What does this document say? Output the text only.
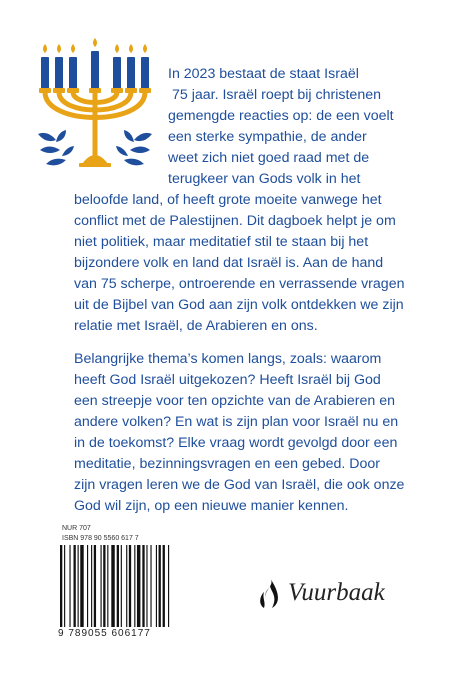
In 2023 bestaat de staat Israël
75 jaar. Israël roept bij christenen
gemengde reacties op: de een voelt
een sterke sympathie, de ander
weet zich niet goed raad met de
terugkeer van Gods volk in het
beloofde land, of heeft grote moeite vanwege het
conflict met de Palestijnen. Dit dagboek helpt je om
niet politiek, maar meditatief stil te staan bij het
bijzondere volk en land dat Israël is. Aan de hand
van 75 scherpe, ontroerende en verrassende vragen
uit de Bijbel van God aan zijn volk ontdekken we zijn
relatie met Israël, de Arabieren en ons.
Belangrijke thema’s komen langs, zoals: waarom
heeft God Israël uitgekozen? Heeft Israël bij God
een streepje voor ten opzichte van de Arabieren en
andere volken? En wat is zijn plan voor Israël nu en
in de toekomst? Elke vraag wordt gevolgd door een
meditatie, bezinningsvragen en een gebed. Door
zijn vragen leren we de God van Israël, die ook onze
God wil zijn, op een nieuwe manier kennen.
NUR 707
ISBN 978 90 5560 617 7
9 789055 606177
Vuurbaak
